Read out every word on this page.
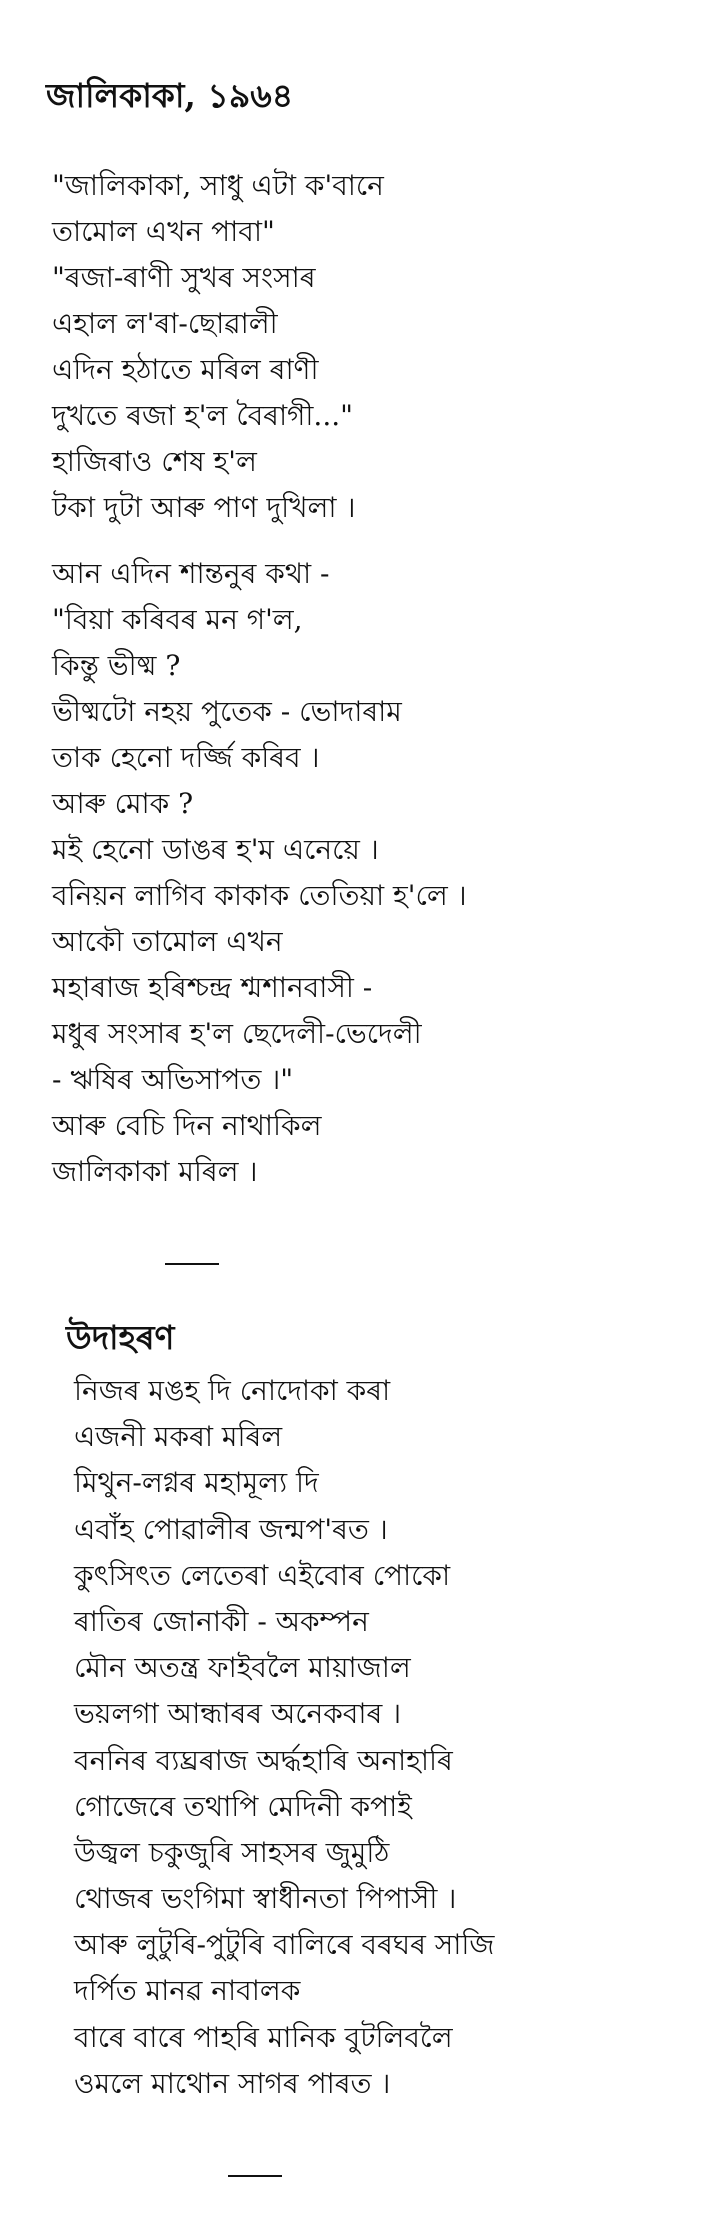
জালিকাকা, ১৯৬৪
"জালিকাকা, সাধু এটা ক'বানে
তামোল এখন পাবা"
"ৰজা-ৰাণী সুখৰ সংসাৰ
এহাল ল'ৰা-ছোৱালী
এদিন হঠাতে মৰিল ৰাণী
দুখতে ৰজা হ'ল বৈৰাগী..."
হাজিৰাও শেষ হ'ল
টকা দুটা আৰু পাণ দুখিলা ।
আন এদিন শান্তনুৰ কথা -
"বিয়া কৰিবৰ মন গ'ল,
কিন্তু ভীষ্ম ?
ভীষ্মটো নহয় পুতেক - ভোদাৰাম
তাক হেনো দৰ্জ্জি কৰিব ।
আৰু মোক ?
মই হেনো ডাঙৰ হ'ম এনেয়ে ।
বনিয়ন লাগিব কাকাক তেতিয়া হ'লে ।
আকৌ তামোল এখন
মহাৰাজ হৰিশ্চন্দ্ৰ শ্মশানবাসী -
মধুৰ সংসাৰ হ'ল ছেদেলী-ভেদেলী
- ঋষিৰ অভিসাপত ।"
আৰু বেচি দিন নাথাকিল
জালিকাকা মৰিল ।
উদাহৰণ
নিজৰ মঙহ দি নোদোকা কৰা
এজনী মকৰা মৰিল
মিথুন-লগ্নৰ মহামূল্য দি
এবাঁহ পোৱালীৰ জন্মপ'ৰত ।
কুৎসিৎত লেতেৰা এইবোৰ পোকো
ৰাতিৰ জোনাকী - অকম্পন
মৌন অতন্ত্ৰ ফাইবলৈ মায়াজাল
ভয়লগা আন্ধাৰৰ অনেকবাৰ ।
বননিৰ ব্যঘ্ৰৰাজ অৰ্দ্ধহাৰি অনাহাৰি
গোজেৰে তথাপি মেদিনী কপাই
উজ্বল চকুজুৰি সাহসৰ জুমুঠি
থোজৰ ভংগিমা স্বাধীনতা পিপাসী ।
আৰু লুটুৰি-পুটুৰি বালিৰে বৰঘৰ সাজি
দৰ্পিত মানৱ নাবালক
বাৰে বাৰে পাহৰি মানিক বুটলিবলৈ
ওমলে মাথোন সাগৰ পাৰত ।
